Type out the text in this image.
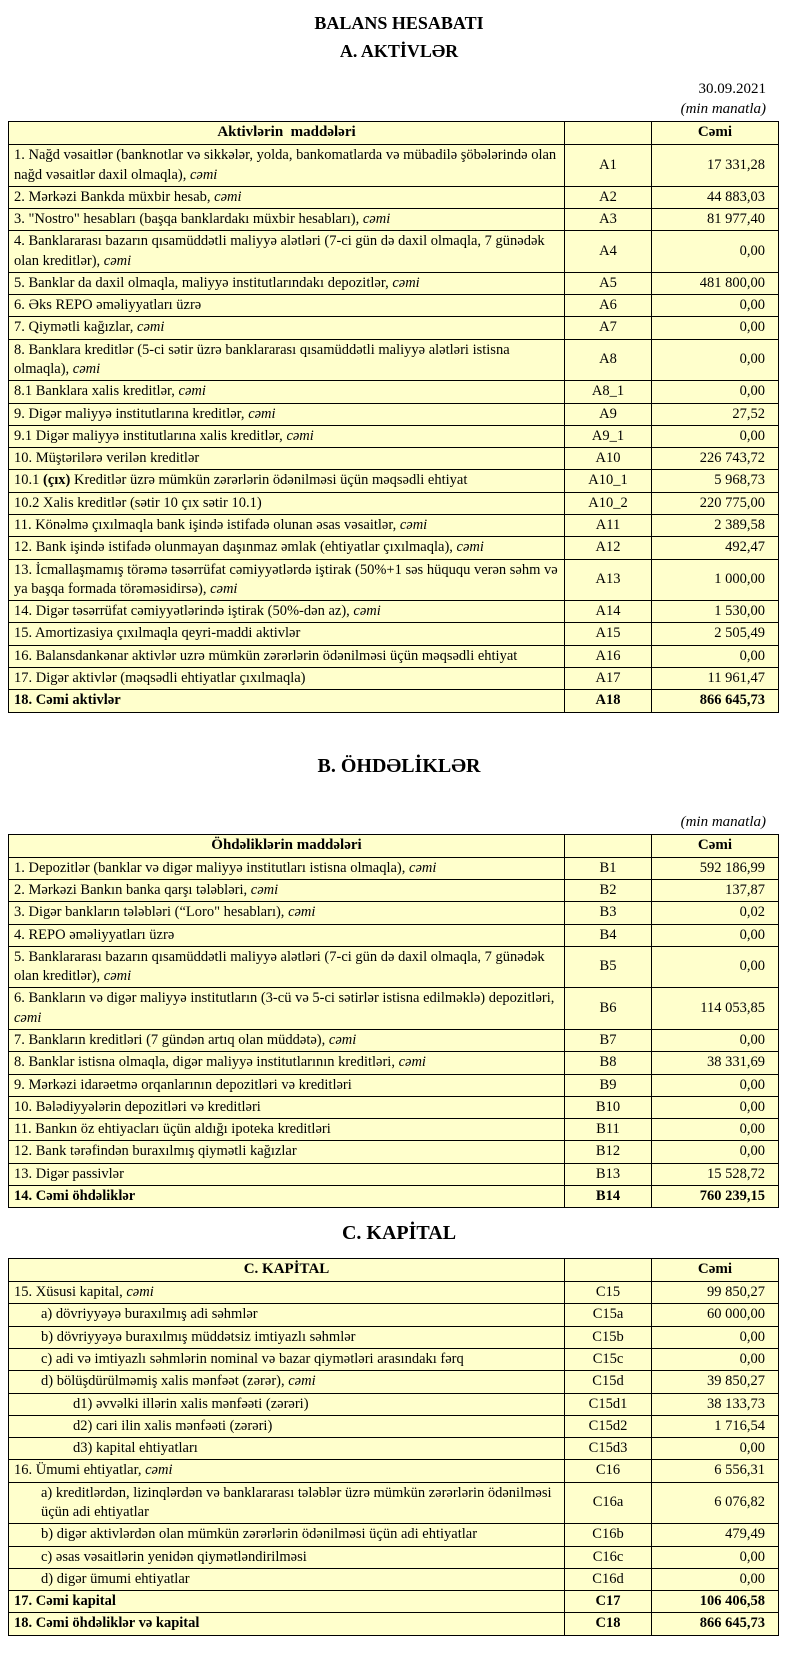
BALANS HESABATI
A. AKTİVLƏR
30.09.2021
(min manatla)
Aktivlərin  maddələri		Cəmi
1. Nağd vəsaitlər (banknotlar və sikkələr, yolda, bankomatlarda və mübadilə şöbələrində olan nağd vəsaitlər daxil olmaqla), cəmi	A1	17 331,28
2. Mərkəzi Bankda müxbir hesab, cəmi	A2	44 883,03
3. "Nostro" hesabları (başqa banklardakı müxbir hesabları), cəmi	A3	81 977,40
4. Banklararası bazarın qısamüddətli maliyyə alətləri (7-ci gün də daxil olmaqla, 7 günədək olan kreditlər), cəmi	A4	0,00
5. Banklar da daxil olmaqla, maliyyə institutlarındakı depozitlər, cəmi	A5	481 800,00
6. Əks REPO əməliyyatları üzrə	A6	0,00
7. Qiymətli kağızlar, cəmi	A7	0,00
8. Banklara kreditlər (5-ci sətir üzrə banklararası qısamüddətli maliyyə alətləri istisna olmaqla), cəmi	A8	0,00
8.1 Banklara xalis kreditlər, cəmi	A8_1	0,00
9. Digər maliyyə institutlarına kreditlər, cəmi	A9	27,52
9.1 Digər maliyyə institutlarına xalis kreditlər, cəmi	A9_1	0,00
10. Müştərilərə verilən kreditlər	A10	226 743,72
10.1 (çıx) Kreditlər üzrə mümkün zərərlərin ödənilməsi üçün məqsədli ehtiyat	A10_1	5 968,73
10.2 Xalis kreditlər (sətir 10 çıx sətir 10.1)	A10_2	220 775,00
11. Könəlmə çıxılmaqla bank işində istifadə olunan əsas vəsaitlər, cəmi	A11	2 389,58
12. Bank işində istifadə olunmayan daşınmaz əmlak (ehtiyatlar çıxılmaqla), cəmi	A12	492,47
13. İcmallaşmamış törəmə təsərrüfat cəmiyyətlərdə iştirak (50%+1 səs hüququ verən səhm və ya başqa formada törəməsidirsə), cəmi	A13	1 000,00
14. Digər təsərrüfat cəmiyyətlərində iştirak (50%-dən az), cəmi	A14	1 530,00
15. Amortizasiya çıxılmaqla qeyri-maddi aktivlər	A15	2 505,49
16. Balansdankənar aktivlər uzrə mümkün zərərlərin ödənilməsi üçün məqsədli ehtiyat	A16	0,00
17. Digər aktivlər (məqsədli ehtiyatlar çıxılmaqla)	A17	11 961,47
18. Cəmi aktivlər	A18	866 645,73
B. ÖHDƏLİKLƏR
(min manatla)
Öhdəliklərin maddələri		Cəmi
1. Depozitlər (banklar və digər maliyyə institutları istisna olmaqla), cəmi	B1	592 186,99
2. Mərkəzi Bankın banka qarşı tələbləri, cəmi	B2	137,87
3. Digər bankların tələbləri (“Loro" hesabları), cəmi	B3	0,02
4. REPO əməliyyatları üzrə	B4	0,00
5. Banklararası bazarın qısamüddətli maliyyə alətləri (7-ci gün də daxil olmaqla, 7 günədək olan kreditlər), cəmi	B5	0,00
6. Bankların və digər maliyyə institutların (3-cü və 5-ci sətirlər istisna edilməklə) depozitləri, cəmi	B6	114 053,85
7. Bankların kreditləri (7 gündən artıq olan müddətə), cəmi	B7	0,00
8. Banklar istisna olmaqla, digər maliyyə institutlarının kreditləri, cəmi	B8	38 331,69
9. Mərkəzi idarəetmə orqanlarının depozitləri və kreditləri	B9	0,00
10. Bələdiyyələrin depozitləri və kreditləri	B10	0,00
11. Bankın öz ehtiyacları üçün aldığı ipoteka kreditləri	B11	0,00
12. Bank tərəfindən buraxılmış qiymətli kağızlar	B12	0,00
13. Digər passivlər	B13	15 528,72
14. Cəmi öhdəliklər	B14	760 239,15
C. KAPİTAL
C. KAPİTAL		Cəmi
15. Xüsusi kapital, cəmi	C15	99 850,27
a) dövriyyəyə buraxılmış adi səhmlər	C15a	60 000,00
b) dövriyyəyə buraxılmış müddətsiz imtiyazlı səhmlər	C15b	0,00
c) adi və imtiyazlı səhmlərin nominal və bazar qiymətləri arasındakı fərq	C15c	0,00
d) bölüşdürülməmiş xalis mənfəət (zərər), cəmi	C15d	39 850,27
d1) əvvəlki illərin xalis mənfəəti (zərəri)	C15d1	38 133,73
d2) cari ilin xalis mənfəəti (zərəri)	C15d2	1 716,54
d3) kapital ehtiyatları	C15d3	0,00
16. Ümumi ehtiyatlar, cəmi	C16	6 556,31
a) kreditlərdən, lizinqlərdən və banklararası tələblər üzrə mümkün zərərlərin ödənilməsi üçün adi ehtiyatlar	C16a	6 076,82
b) digər aktivlərdən olan mümkün zərərlərin ödənilməsi üçün adi ehtiyatlar	C16b	479,49
c) əsas vəsaitlərin yenidən qiymətləndirilməsi	C16c	0,00
d) digər ümumi ehtiyatlar	C16d	0,00
17. Cəmi kapital	C17	106 406,58
18. Cəmi öhdəliklər və kapital	C18	866 645,73
